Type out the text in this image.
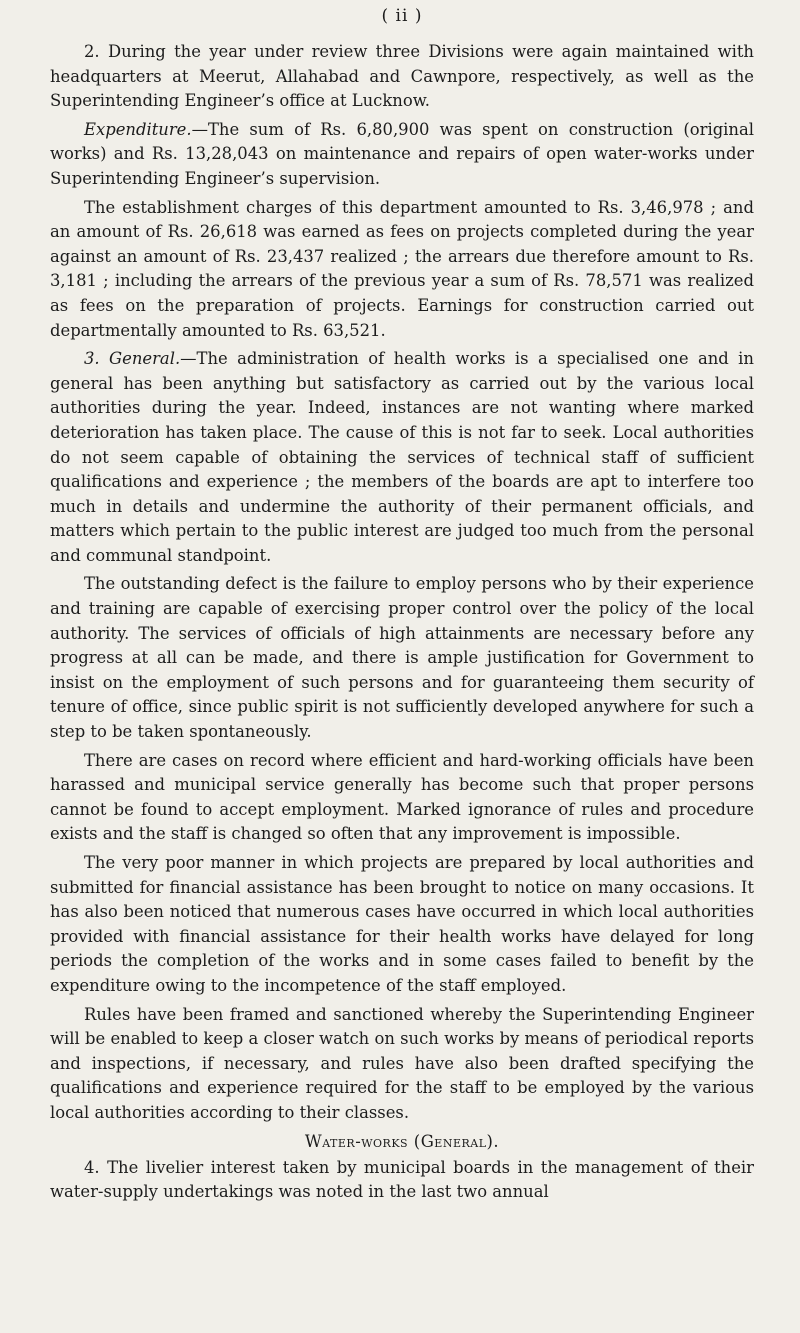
( ii )

2. During the year under review three Divisions were again maintained with headquarters at Meerut, Allahabad and Cawnpore, respectively, as well as the Superintending Engineer’s office at Lucknow.

Expenditure.—The sum of Rs. 6,80,900 was spent on construction (original works) and Rs. 13,28,043 on maintenance and repairs of open water-works under Superintending Engineer’s supervision.

The establishment charges of this department amounted to Rs. 3,46,978 ; and an amount of Rs. 26,618 was earned as fees on projects completed during the year against an amount of Rs. 23,437 realized ; the arrears due therefore amount to Rs. 3,181 ; including the arrears of the previous year a sum of Rs. 78,571 was realized as fees on the preparation of projects. Earnings for construction carried out departmentally amounted to Rs. 63,521.

3. General.—The administration of health works is a specialised one and in general has been anything but satisfactory as carried out by the various local authorities during the year. Indeed, instances are not wanting where marked deterioration has taken place. The cause of this is not far to seek. Local authorities do not seem capable of obtaining the services of technical staff of sufficient qualifications and experience ; the members of the boards are apt to interfere too much in details and undermine the authority of their permanent officials, and matters which pertain to the public interest are judged too much from the personal and communal standpoint.

The outstanding defect is the failure to employ persons who by their experience and training are capable of exercising proper control over the policy of the local authority. The services of officials of high attainments are necessary before any progress at all can be made, and there is ample justification for Government to insist on the employment of such persons and for guaranteeing them security of tenure of office, since public spirit is not sufficiently developed anywhere for such a step to be taken spontaneously.

There are cases on record where efficient and hard-working officials have been harassed and municipal service generally has become such that proper persons cannot be found to accept employment. Marked ignorance of rules and procedure exists and the staff is changed so often that any improvement is impossible.

The very poor manner in which projects are prepared by local authorities and submitted for financial assistance has been brought to notice on many occasions. It has also been noticed that numerous cases have occurred in which local authorities provided with financial assistance for their health works have delayed for long periods the completion of the works and in some cases failed to benefit by the expenditure owing to the incompetence of the staff employed.

Rules have been framed and sanctioned whereby the Superintending Engineer will be enabled to keep a closer watch on such works by means of periodical reports and inspections, if necessary, and rules have also been drafted specifying the qualifications and experience required for the staff to be employed by the various local authorities according to their classes.

Water-works (General).

4. The livelier interest taken by municipal boards in the management of their water-supply undertakings was noted in the last two annual
